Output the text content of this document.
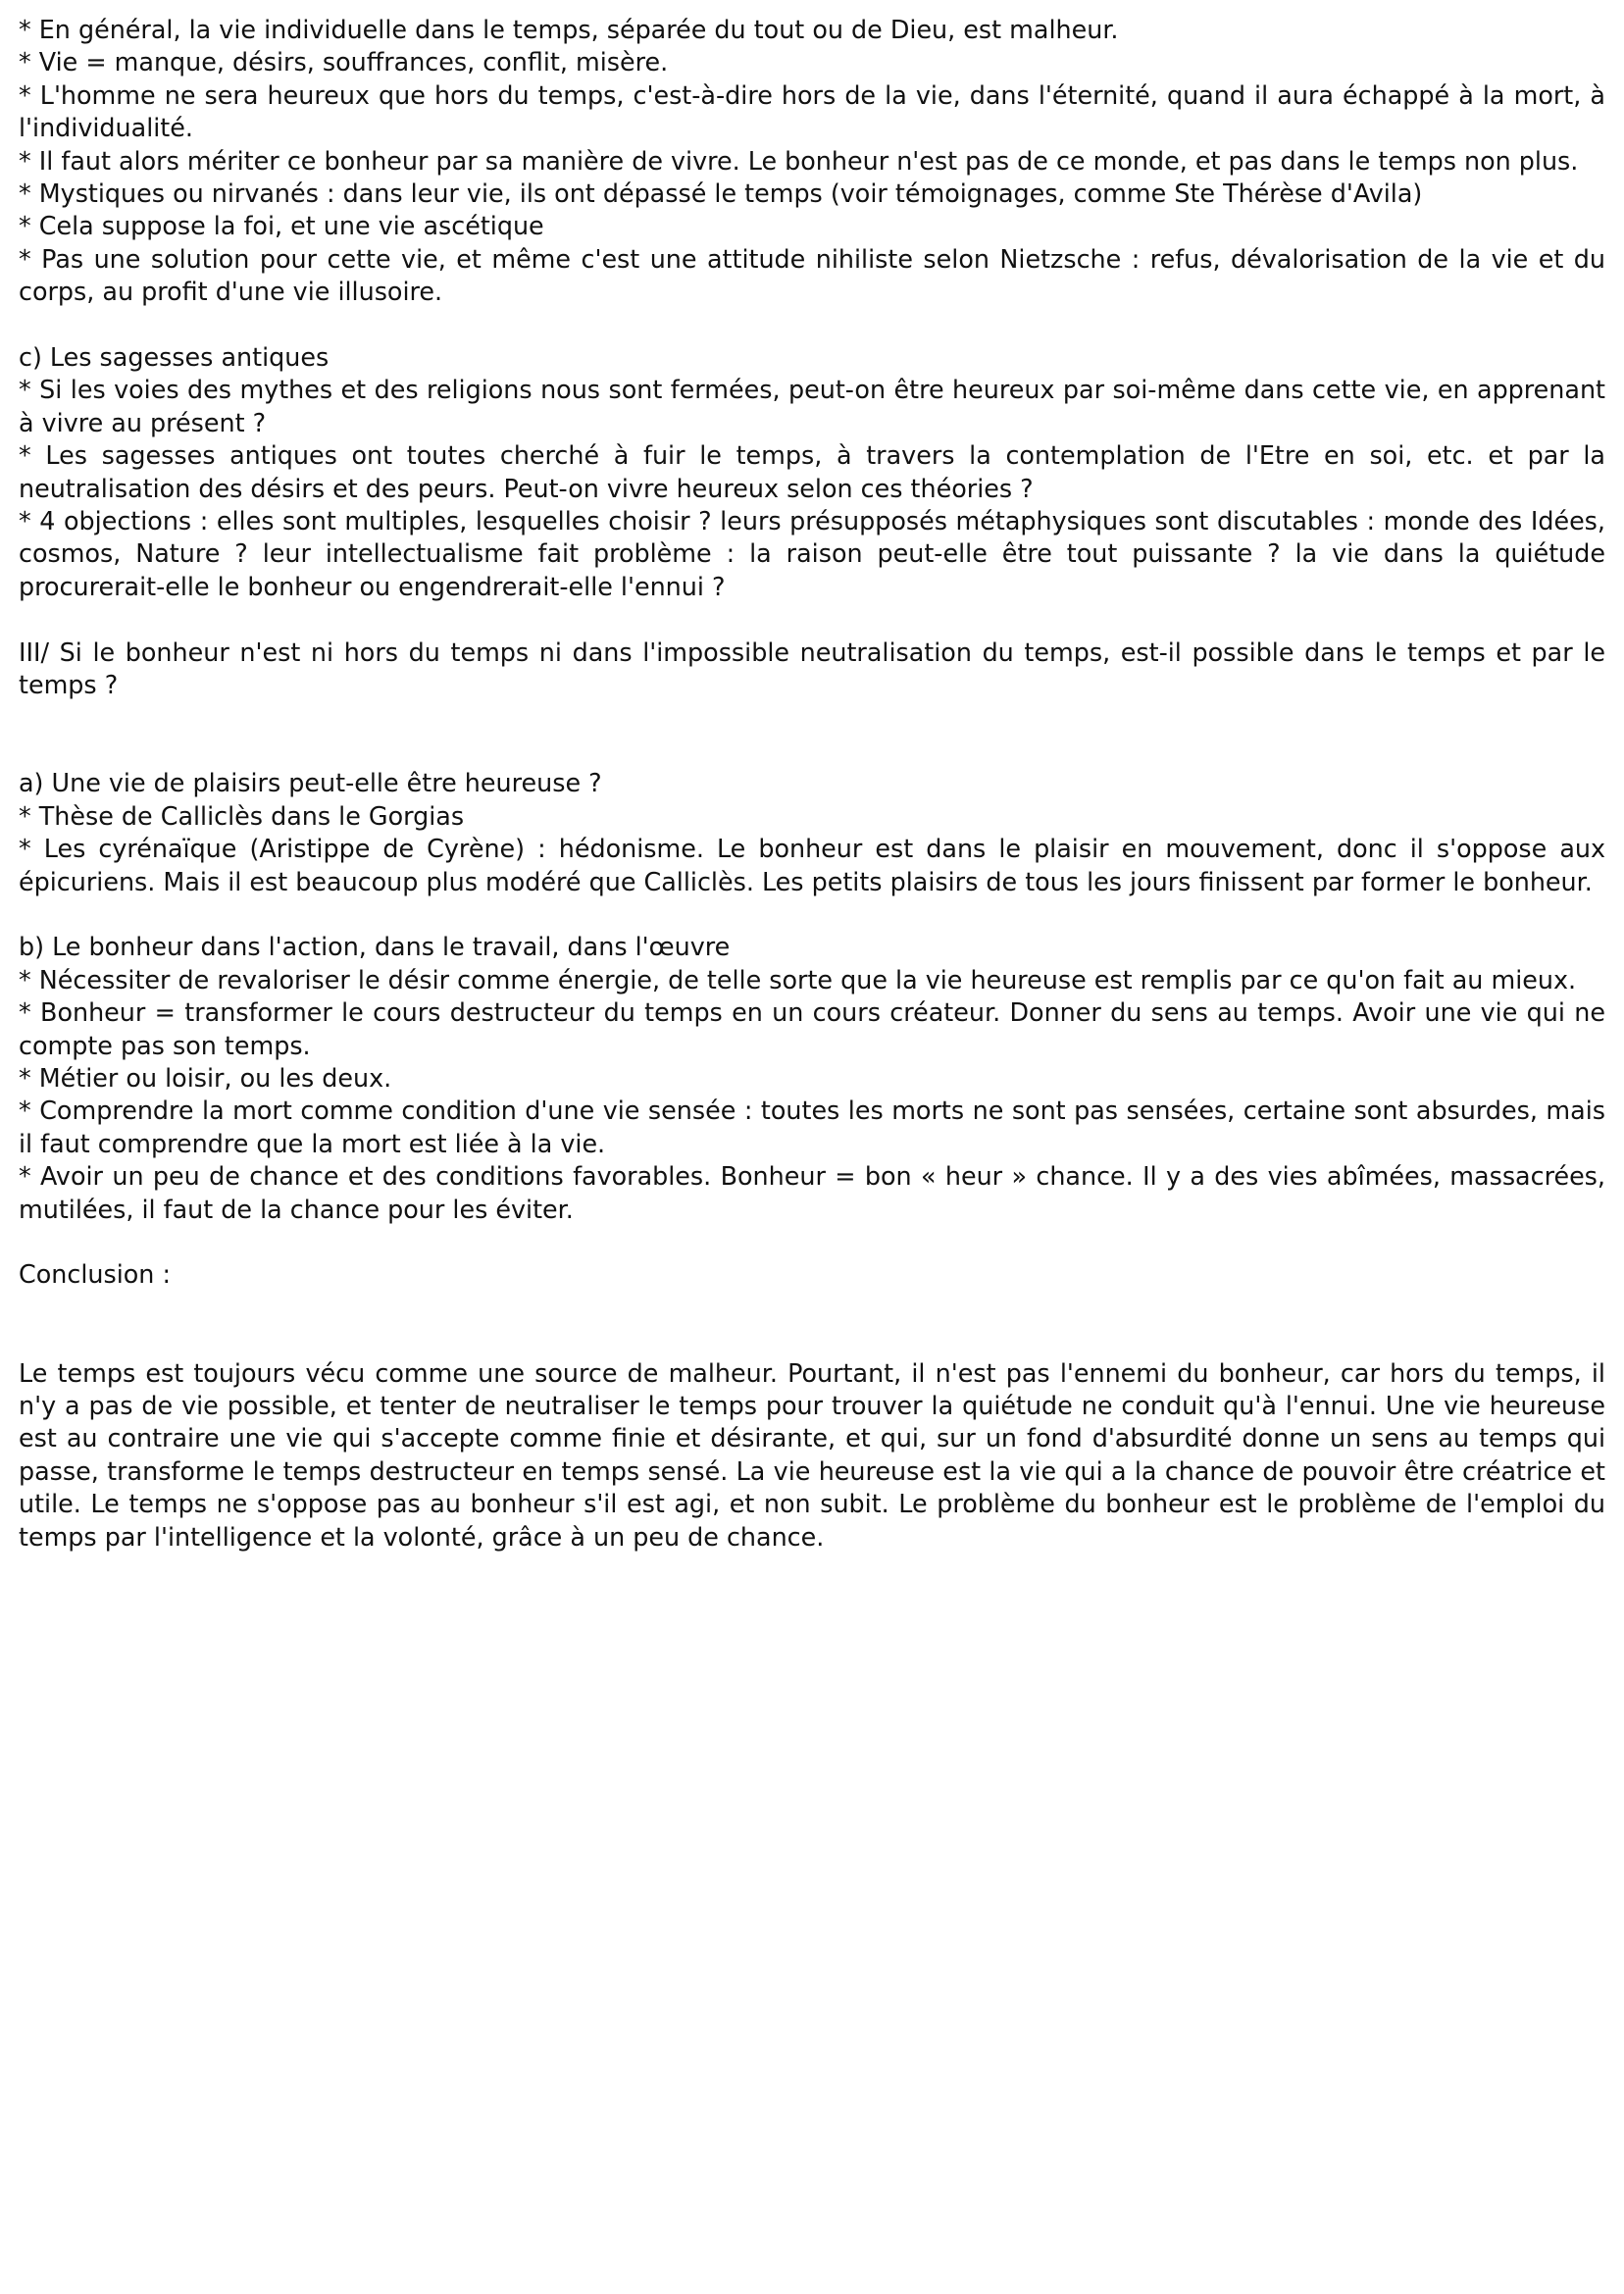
* En général, la vie individuelle dans le temps, séparée du tout ou de Dieu, est malheur.

* Vie = manque, désirs, souffrances, conflit, misère.

* L'homme ne sera heureux que hors du temps, c'est-à-dire hors de la vie, dans l'éternité, quand il aura échappé à la mort, à l'individualité.

* Il faut alors mériter ce bonheur par sa manière de vivre. Le bonheur n'est pas de ce monde, et pas dans le temps non plus.

* Mystiques ou nirvanés : dans leur vie, ils ont dépassé le temps (voir témoignages, comme Ste Thérèse d'Avila)

* Cela suppose la foi, et une vie ascétique

* Pas une solution pour cette vie, et même c'est une attitude nihiliste selon Nietzsche : refus, dévalorisation de la vie et du corps, au profit d'une vie illusoire.

c) Les sagesses antiques

* Si les voies des mythes et des religions nous sont fermées, peut-on être heureux par soi-même dans cette vie, en apprenant à vivre au présent ?

* Les sagesses antiques ont toutes cherché à fuir le temps, à travers la contemplation de l'Etre en soi, etc. et par la neutralisation des désirs et des peurs. Peut-on vivre heureux selon ces théories ?

* 4 objections : elles sont multiples, lesquelles choisir ? leurs présupposés métaphysiques sont discutables : monde des Idées, cosmos, Nature ? leur intellectualisme fait problème : la raison peut-elle être tout puissante ? la vie dans la quiétude procurerait-elle le bonheur ou engendrerait-elle l'ennui ?

III/ Si le bonheur n'est ni hors du temps ni dans l'impossible neutralisation du temps, est-il possible dans le temps et par le temps ?

a) Une vie de plaisirs peut-elle être heureuse ?

* Thèse de Calliclès dans le Gorgias

* Les cyrénaïque (Aristippe de Cyrène) : hédonisme. Le bonheur est dans le plaisir en mouvement, donc il s'oppose aux épicuriens. Mais il est beaucoup plus modéré que Calliclès. Les petits plaisirs de tous les jours finissent par former le bonheur.

b) Le bonheur dans l'action, dans le travail, dans l'œuvre

* Nécessiter de revaloriser le désir comme énergie, de telle sorte que la vie heureuse est remplis par ce qu'on fait au mieux.

* Bonheur = transformer le cours destructeur du temps en un cours créateur. Donner du sens au temps. Avoir une vie qui ne compte pas son temps.

* Métier ou loisir, ou les deux.

* Comprendre la mort comme condition d'une vie sensée : toutes les morts ne sont pas sensées, certaine sont absurdes, mais il faut comprendre que la mort est liée à la vie.

* Avoir un peu de chance et des conditions favorables. Bonheur = bon « heur » chance. Il y a des vies abîmées, massacrées, mutilées, il faut de la chance pour les éviter.

Conclusion :

Le temps est toujours vécu comme une source de malheur. Pourtant, il n'est pas l'ennemi du bonheur, car hors du temps, il n'y a pas de vie possible, et tenter de neutraliser le temps pour trouver la quiétude ne conduit qu'à l'ennui. Une vie heureuse est au contraire une vie qui s'accepte comme finie et désirante, et qui, sur un fond d'absurdité donne un sens au temps qui passe, transforme le temps destructeur en temps sensé. La vie heureuse est la vie qui a la chance de pouvoir être créatrice et utile. Le temps ne s'oppose pas au bonheur s'il est agi, et non subit. Le problème du bonheur est le problème de l'emploi du temps par l'intelligence et la volonté, grâce à un peu de chance.
